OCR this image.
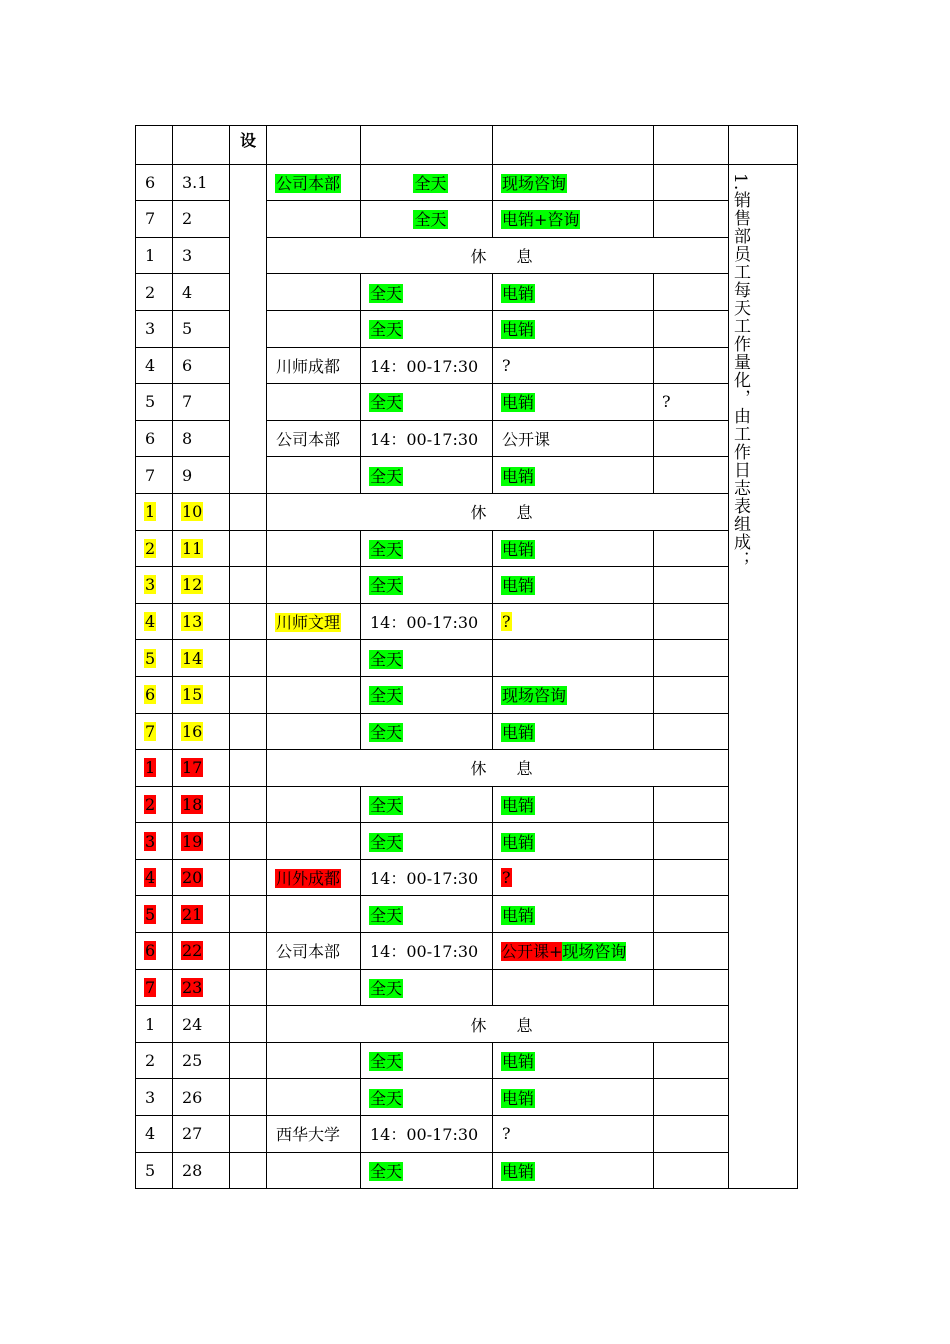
		设					
6	3.1		公司本部	全天	现场咨询		1.销售部员工每天工作量化，由工作日志表组成；

7	2			全天	电销+咨询		
1	3		休 息				
2	4			全天	电销		
3	5			全天	电销		
4	6		川师成都	14：00-17:30	?		
5	7			全天	电销	?	
6	8		公司本部	14：00-17:30	公开课		
7	9			全天	电销		
1	10		休 息				
2	11			全天	电销		
3	12			全天	电销		
4	13		川师文理	14：00-17:30	?		
5	14			全天			
6	15			全天	现场咨询		
7	16			全天	电销		
1	17		休 息				
2	18			全天	电销		
3	19			全天	电销		
4	20		川外成都	14：00-17:30	?		
5	21			全天	电销		
6	22		公司本部	14：00-17:30	公开课+现场咨询		
7	23			全天			
1	24		休 息				
2	25			全天	电销		
3	26			全天	电销		
4	27		西华大学	14：00-17:30	?		
5	28			全天	电销		
